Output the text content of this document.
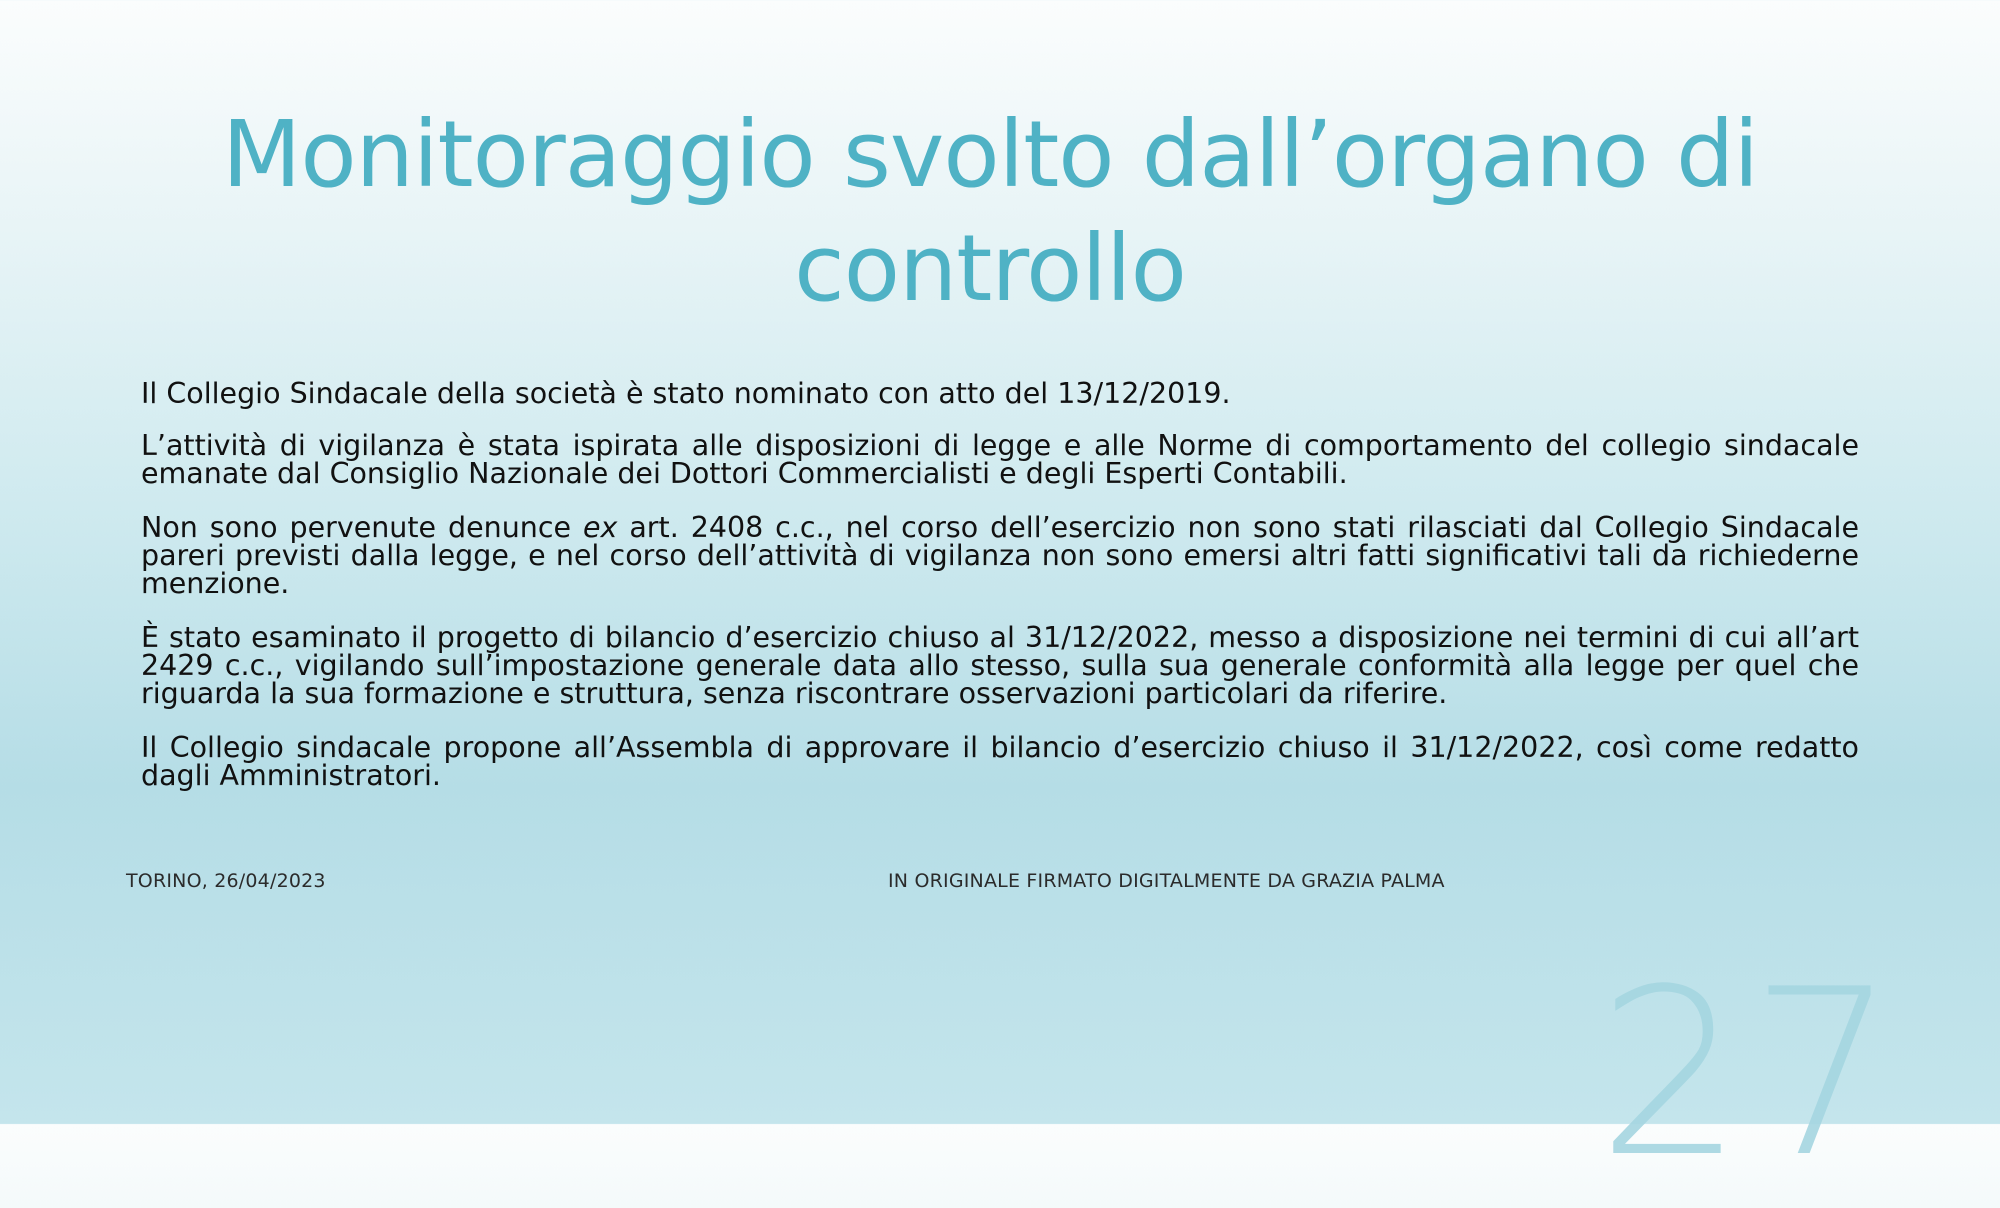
Monitoraggio svolto dall’organo di controllo

Il Collegio Sindacale della società è stato nominato con atto del 13/12/2019.

L’attività di vigilanza è stata ispirata alle disposizioni di legge e alle Norme di comportamento del collegio sindacale emanate dal Consiglio Nazionale dei Dottori Commercialisti e degli Esperti Contabili.

Non sono pervenute denunce ex art. 2408 c.c., nel corso dell’esercizio non sono stati rilasciati dal Collegio Sindacale pareri previsti dalla legge, e nel corso dell’attività di vigilanza non sono emersi altri fatti significativi tali da richiederne menzione.

È stato esaminato il progetto di bilancio d’esercizio chiuso al 31/12/2022, messo a disposizione nei termini di cui all’art 2429 c.c., vigilando sull’impostazione generale data allo stesso, sulla sua generale conformità alla legge per quel che riguarda la sua formazione e struttura, senza riscontrare osservazioni particolari da riferire.

Il Collegio sindacale propone all’Assembla di approvare il bilancio d’esercizio chiuso il 31/12/2022, così come redatto dagli Amministratori.

TORINO, 26/04/2023	IN ORIGINALE FIRMATO DIGITALMENTE DA GRAZIA PALMA
27
